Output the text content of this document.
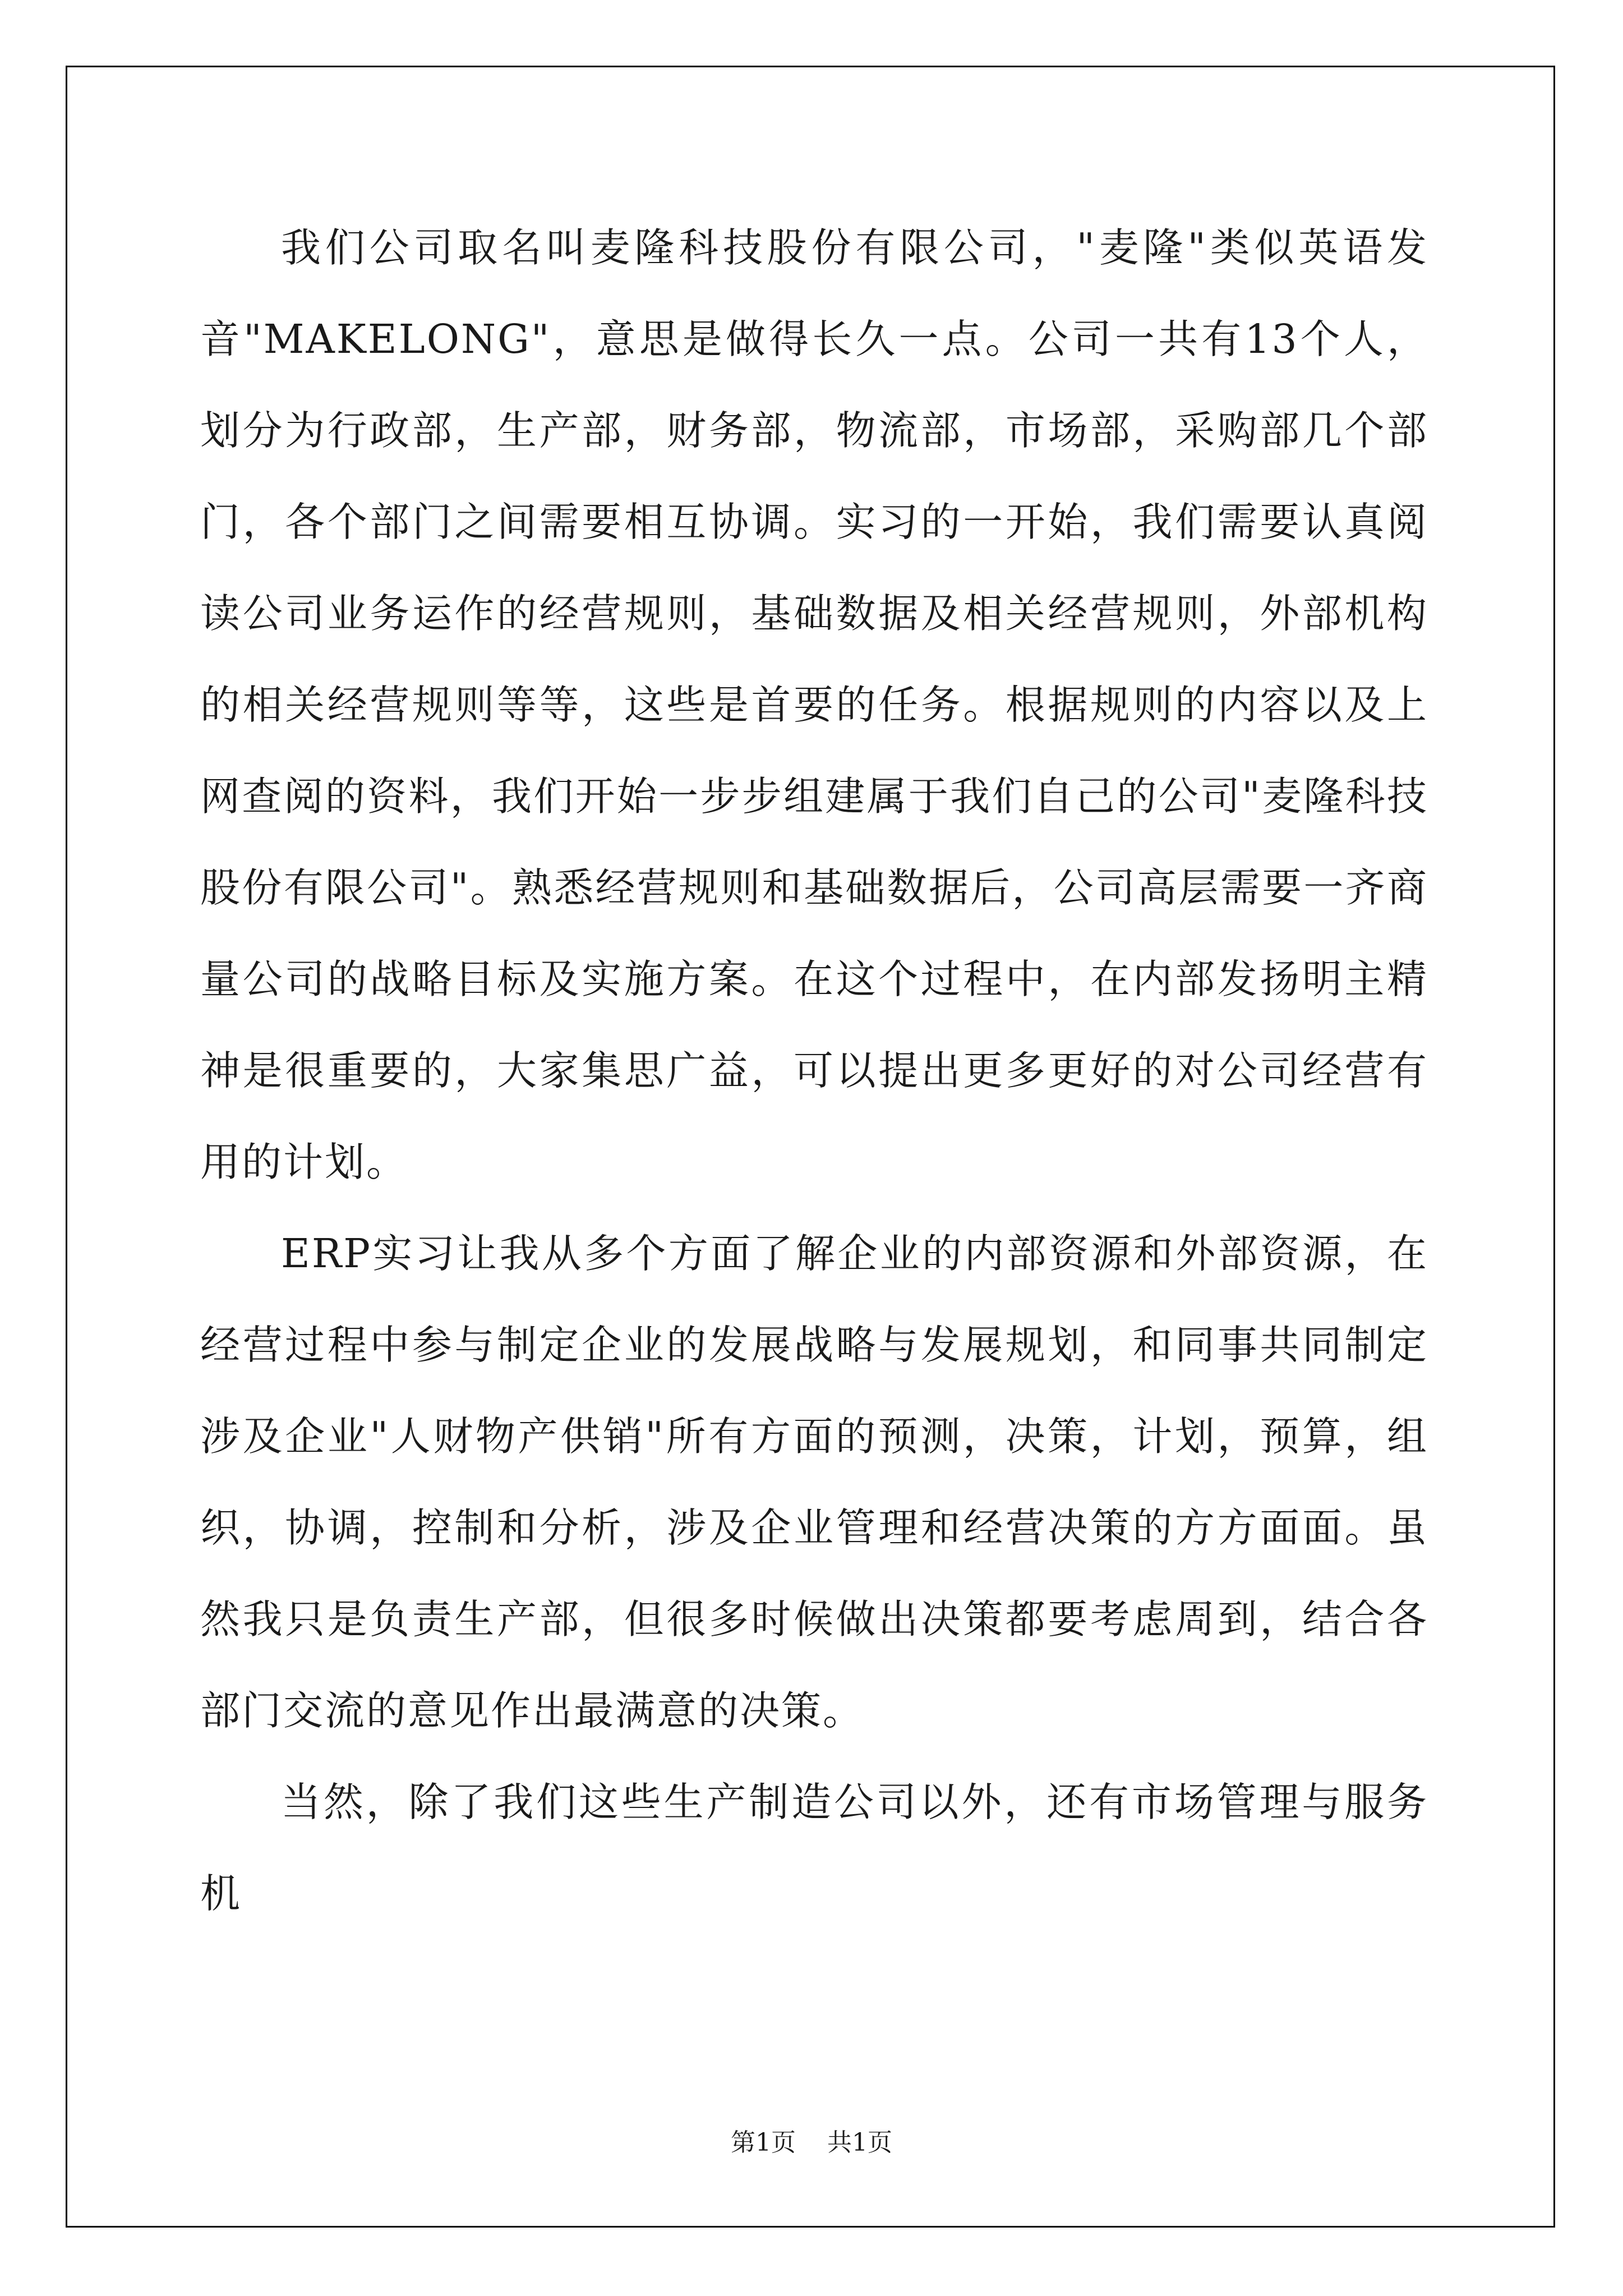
我们公司取名叫麦隆科技股份有限公司，"麦隆"类似英语发音"MAKELONG"，意思是做得长久一点。公司一共有13个人，划分为行政部，生产部，财务部，物流部，市场部，采购部几个部门，各个部门之间需要相互协调。实习的一开始，我们需要认真阅读公司业务运作的经营规则，基础数据及相关经营规则，外部机构的相关经营规则等等，这些是首要的任务。根据规则的内容以及上网查阅的资料，我们开始一步步组建属于我们自己的公司"麦隆科技股份有限公司"。熟悉经营规则和基础数据后，公司高层需要一齐商量公司的战略目标及实施方案。在这个过程中，在内部发扬明主精神是很重要的，大家集思广益，可以提出更多更好的对公司经营有用的计划。

ERP实习让我从多个方面了解企业的内部资源和外部资源，在经营过程中参与制定企业的发展战略与发展规划，和同事共同制定涉及企业"人财物产供销"所有方面的预测，决策，计划，预算，组织，协调，控制和分析，涉及企业管理和经营决策的方方面面。虽然我只是负责生产部，但很多时候做出决策都要考虑周到，结合各部门交流的意见作出最满意的决策。

当然，除了我们这些生产制造公司以外，还有市场管理与服务机

第1页 共1页
